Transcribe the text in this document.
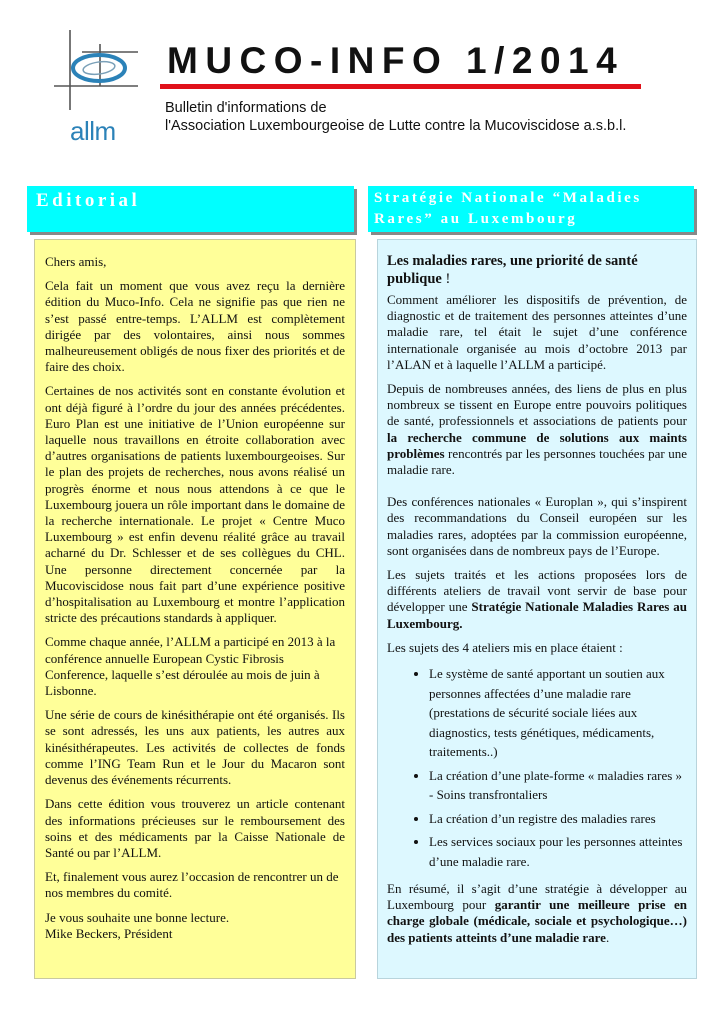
allm
MUCO-INFO 1/2014
Bulletin d'informations de
l'Association Luxembourgeoise de Lutte contre la Mucoviscidose a.s.b.l.
Editorial	Stratégie Nationale “Maladies Rares” au Luxembourg

Chers amis,

Cela fait un moment que vous avez reçu la dernière édition du Muco-Info. Cela ne signifie pas que rien ne s’est passé entre-temps. L’ALLM est complètement dirigée par des volontaires, ainsi nous sommes malheureusement obligés de nous fixer des priorités et de faire des choix.

Certaines de nos activités sont en constante évolution et ont déjà figuré à l’ordre du jour des années précédentes. Euro Plan est une initiative de l’Union européenne sur laquelle nous travaillons en étroite collaboration avec d’autres organisations de patients luxembourgeoises. Sur le plan des projets de recherches, nous avons réalisé un progrès énorme et nous nous attendons à ce que le Luxembourg jouera un rôle important dans le domaine de la recherche internationale. Le projet « Centre Muco Luxembourg » est enfin devenu réalité grâce au travail acharné du Dr. Schlesser et de ses collègues du CHL. Une personne directement concernée par la Mucoviscidose nous fait part d’une expérience positive d’hospitalisation au Luxembourg et montre l’application stricte des précautions standards à appliquer.

Comme chaque année, l’ALLM a participé en 2013 à la conférence annuelle European Cystic Fibrosis Conference, laquelle s’est déroulée au mois de juin à Lisbonne.

Une série de cours de kinésithérapie ont été organisés. Ils se sont adressés, les uns aux patients, les autres aux kinésithérapeutes. Les activités de collectes de fonds comme l’ING Team Run et le Jour du Macaron sont devenus des événements récurrents.

Dans cette édition vous trouverez un article contenant des informations précieuses sur le remboursement des soins et des médicaments par la Caisse Nationale de Santé ou par l’ALLM.

Et, finalement vous aurez l’occasion de rencontrer un de nos membres du comité.

Je vous souhaite une bonne lecture.

Mike Beckers, Président

Les maladies rares, une priorité de santé publique !

Comment améliorer les dispositifs de prévention, de diagnostic et de traitement des personnes atteintes d’une maladie rare, tel était le sujet d’une conférence internationale organisée au mois d’octobre 2013 par l’ALAN et à laquelle l’ALLM a participé.

Depuis de nombreuses années, des liens de plus en plus nombreux se tissent en Europe entre pouvoirs politiques de santé, professionnels et associations de patients pour la recherche commune de solutions aux maints problèmes rencontrés par les personnes touchées par une maladie rare.

Des conférences nationales « Europlan », qui s’inspirent des recommandations du Conseil européen sur les maladies rares, adoptées par la commission européenne, sont organisées dans de nombreux pays de l’Europe.

Les sujets traités et les actions proposées lors de différents ateliers de travail vont servir de base pour développer une Stratégie Nationale Maladies Rares au Luxembourg.

Les sujets des 4 ateliers mis en place étaient :

• Le système de santé apportant un soutien aux personnes affectées d’une maladie rare (prestations de sécurité sociale liées aux diagnostics, tests génétiques, médicaments, traitements..)
• La création d’une plate-forme « maladies rares » - Soins transfrontaliers
• La création d’un registre des maladies rares
• Les services sociaux pour les personnes atteintes d’une maladie rare.

En résumé, il s’agit d’une stratégie à développer au Luxembourg pour garantir une meilleure prise en charge globale (médicale, sociale et psychologique…) des patients atteints d’une maladie rare.
